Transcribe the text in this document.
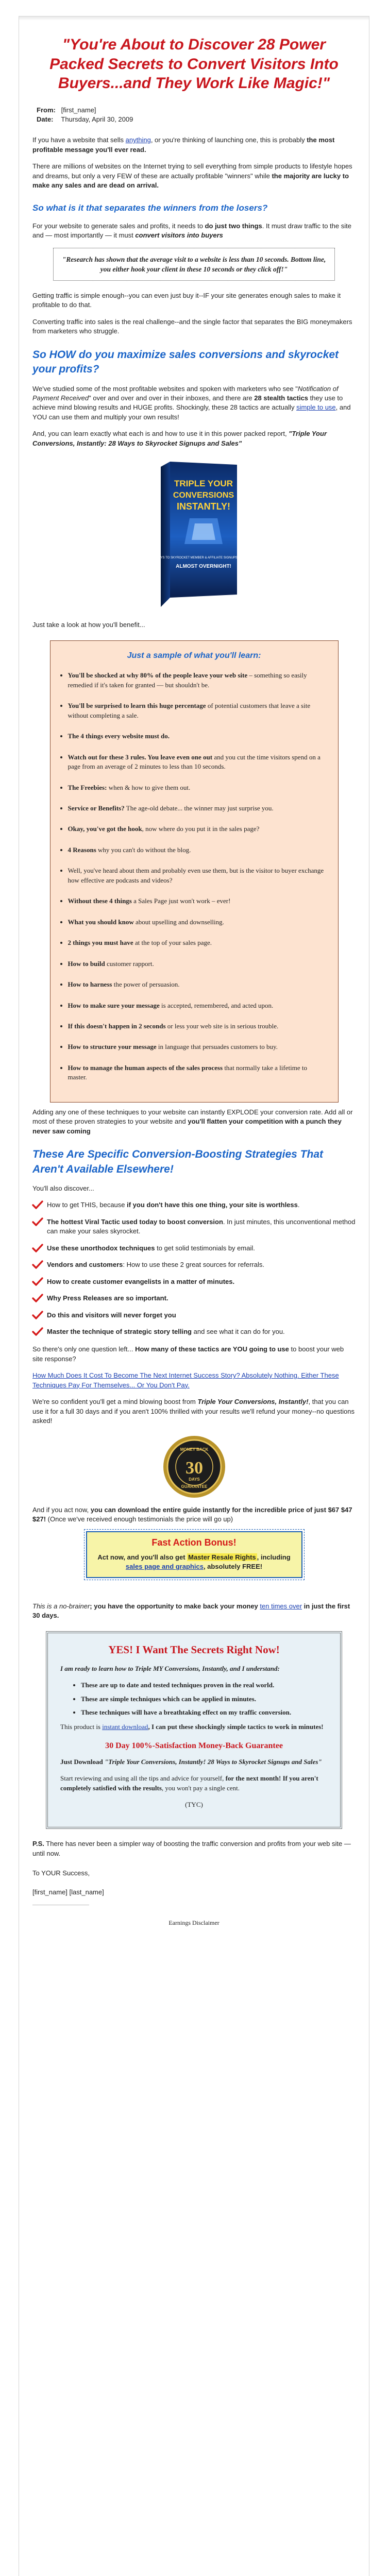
"You're About to Discover 28 Power Packed Secrets to Convert Visitors Into Buyers...and They Work Like Magic!"
From: [first_name]
Date: Thursday, April 30, 2009

If you have a website that sells anything, or you're thinking of launching one, this is probably the most profitable message you'll ever read.

There are millions of websites on the Internet trying to sell everything from simple products to lifestyle hopes and dreams, but only a very FEW of these are actually profitable "winners" while the majority are lucky to make any sales and are dead on arrival.

So what is it that separates the winners from the losers?

For your website to generate sales and profits, it needs to do just two things. It must draw traffic to the site and — most importantly — it must convert visitors into buyers

"Research has shown that the average visit to a website is less than 10 seconds. Bottom line, you either hook your client in these 10 seconds or they click off!"

Getting traffic is simple enough--you can even just buy it--IF your site generates enough sales to make it profitable to do that.

Converting traffic into sales is the real challenge--and the single factor that separates the BIG moneymakers from marketers who struggle.

So HOW do you maximize sales conversions and skyrocket your profits?

We've studied some of the most profitable websites and spoken with marketers who see "Notification of Payment Received" over and over and over in their inboxes, and there are 28 stealth tactics they use to achieve mind blowing results and HUGE profits. Shockingly, these 28 tactics are actually simple to use, and YOU can use them and multiply your own results!

And, you can learn exactly what each is and how to use it in this power packed report, "Triple Your Conversions, Instantly: 28 Ways to Skyrocket Signups and Sales"

TRIPLE YOUR
CONVERSIONS
INSTANTLY!
28 WAYS TO SKYROCKET MEMBER & AFFILIATE SIGNUPS AND SALES
ALMOST OVERNIGHT!

Just take a look at how you'll benefit...

Just a sample of what you'll learn:
• You'll be shocked at why 80% of the people leave your web site – something so easily remedied if it's taken for granted — but shouldn't be.
• You'll be surprised to learn this huge percentage of potential customers that leave a site without completing a sale.
• The 4 things every website must do.
• Watch out for these 3 rules. You leave even one out and you cut the time visitors spend on a page from an average of 2 minutes to less than 10 seconds.
• The Freebies: when & how to give them out.
• Service or Benefits? The age-old debate... the winner may just surprise you.
• Okay, you've got the hook, now where do you put it in the sales page?
• 4 Reasons why you can't do without the blog.
• Well, you've heard about them and probably even use them, but is the visitor to buyer exchange how effective are podcasts and videos?
• Without these 4 things a Sales Page just won't work – ever!
• What you should know about upselling and downselling.
• 2 things you must have at the top of your sales page.
• How to build customer rapport.
• How to harness the power of persuasion.
• How to make sure your message is accepted, remembered, and acted upon.
• If this doesn't happen in 2 seconds or less your web site is in serious trouble.
• How to structure your message in language that persuades customers to buy.
• How to manage the human aspects of the sales process that normally take a lifetime to master.

Adding any one of these techniques to your website can instantly EXPLODE your conversion rate. Add all or most of these proven strategies to your website and you'll flatten your competition with a punch they never saw coming

These Are Specific Conversion-Boosting Strategies That Aren't Available Elsewhere!

You'll also discover...

How to get THIS, because if you don't have this one thing, your site is worthless.
The hottest Viral Tactic used today to boost conversion. In just minutes, this unconventional method can make your sales skyrocket.
Use these unorthodox techniques to get solid testimonials by email.
Vendors and customers: How to use these 2 great sources for referrals.
How to create customer evangelists in a matter of minutes.
Why Press Releases are so important.
Do this and visitors will never forget you
Master the technique of strategic story telling and see what it can do for you.

So there's only one question left... How many of these tactics are YOU going to use to boost your web site response?

How Much Does It Cost To Become The Next Internet Success Story? Absolutely Nothing. Either These Techniques Pay For Themselves... Or You Don't Pay.

We're so confident you'll get a mind blowing boost from Triple Your Conversions, Instantly!, that you can use it for a full 30 days and if you aren't 100% thrilled with your results we'll refund your money--no questions asked!

MONEY BACK
30
DAYS
GUARANTEE

And if you act now, you can download the entire guide instantly for the incredible price of just $67 $47 $27! (Once we've received enough testimonials the price will go up)

Fast Action Bonus!
Act now, and you'll also get Master Resale Rights , including sales page and graphics, absolutely FREE!

This is a no-brainer; you have the opportunity to make back your money ten times over in just the first 30 days.

YES! I Want The Secrets Right Now!

I am ready to learn how to Triple MY Conversions, Instantly, and I understand:

• These are up to date and tested techniques proven in the real world.
• These are simple techniques which can be applied in minutes.
• These techniques will have a breathtaking effect on my traffic conversion.

This product is instant download, I can put these shockingly simple tactics to work in minutes!

30 Day 100%-Satisfaction Money-Back Guarantee

Just Download "Triple Your Conversions, Instantly! 28 Ways to Skyrocket Signups and Sales"

Start reviewing and using all the tips and advice for yourself, for the next month! If you aren't completely satisfied with the results, you won't pay a single cent.

(TYC)

P.S. There has never been a simpler way of boosting the traffic conversion and profits from your web site — until now.

To YOUR Success,

[first_name] [last_name]

Earnings Disclaimer
